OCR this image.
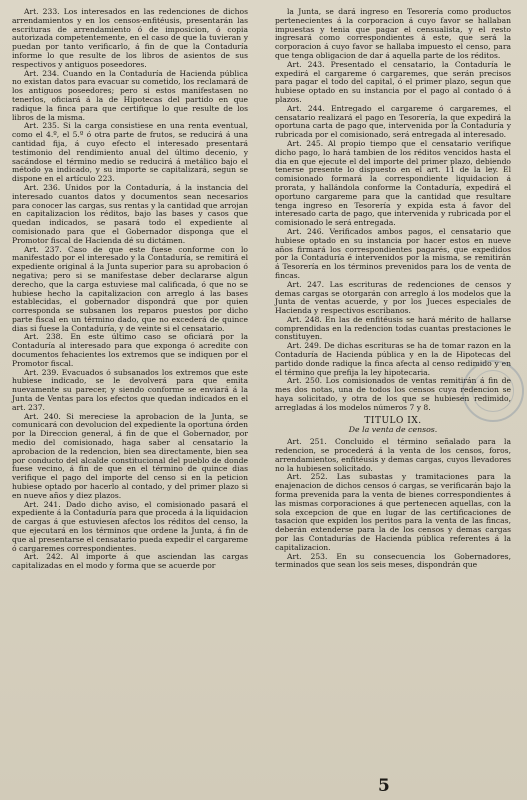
Art. 233. Los interesados en las redenciones de dichos arrendamientos y en los censos-enfitéusis, presentarán las escrituras de arrendamiento ó de imposicion, ó copia autorizada competentemente, en el caso de que la tuvieran y puedan por tanto verificarlo, á fin de que la Contaduría informe lo que resulte de los libros de asientos de sus respectivos y antiguos poseedores.

Art. 234. Cuando en la Contaduría de Hacienda pública no existan datos para evacuar su cometido, los reclamará de los antiguos poseedores; pero si estos manifestasen no tenerlos, oficiará á la de Hipotecas del partido en que radique la finca para que certifique lo que resulte de los libros de la misma.

Art. 235. Si la carga consistiese en una renta eventual, como el 4.º, el 5.º ó otra parte de frutos, se reducirá á una cantidad fija, á cuyo efecto el interesado presentará testimonio del rendimiento anual del último decenio, y sacándose el término medio se reducirá á metálico bajo el método ya indicado, y su importe se capitalizará, segun se dispone en el artículo 223.

Art. 236. Unidos por la Contaduría, á la instancia del interesado cuantos datos y documentos sean necesarios para conocer las cargas, sus rentas y la cantidad que arrojan en capitalizacion los réditos, bajo las bases y casos que quedan indicados, se pasará todo el expediente al comisionado para que el Gobernador disponga que el Promotor fiscal de Hacienda dé su dictámen.

Art. 237. Caso de que este fuese conforme con lo manifestado por el interesado y la Contaduría, se remitirá el expediente original á la Junta superior para su aprobacion ó negativa; pero si se manifestase deber declararse algun derecho, que la carga estuviese mal calificada, ó que no se hubiese hecho la capitalizacion con arreglo á las bases establecidas, el gobernador dispondrá que por quien corresponda se subsanen los reparos puestos por dicho parte fiscal en un término dado, que no excederá de quince dias si fuese la Contaduría, y de veinte si el censatario.

Art. 238. En este último caso se oficiará por la Contaduría al interesado para que exponga ó acredite con documentos fehacientes los extremos que se indiquen por el Promotor fiscal.

Art. 239. Evacuados ó subsanados los extremos que este hubiese indicado, se le devolverá para que emita nuevamente su parecer, y siendo conforme se enviará á la Junta de Ventas para los efectos que quedan indicados en el art. 237.

Art. 240. Si mereciese la aprobacion de la Junta, se comunicará con devolucion del expediente la oportuna órden por la Direccion general, á fin de que el Gobernador, por medio del comisionado, haga saber al censatario la aprobacion de la redencion, bien sea directamente, bien sea por conducto del alcalde constitucional del pueblo de donde fuese vecino, á fin de que en el término de quince dias verifique el pago del importe del censo si en la peticion hubiese optado por hacerlo al contado, y del primer plazo si en nueve años y diez plazos.

Art. 241. Dado dicho aviso, el comisionado pasará el expediente á la Contaduría para que proceda á la liquidacion de cargas á que estuviesen afectos los réditos del censo, la que ejecutará en los términos que ordene la Junta, á fin de que al presentarse el censatario pueda expedir el cargareme ó cargaremes correspondientes.

Art. 242. Al importe á que asciendan las cargas capitalizadas en el modo y forma que se acuerde por

la Junta, se dará ingreso en Tesorería como productos pertenecientes á la corporacion á cuyo favor se hallaban impuestas y tenia que pagar el censualista, y el resto ingresará como correspondientes á este, que será la corporacion á cuyo favor se hallaba impuesto el censo, para que tenga obligacion de dar á aquella parte de los réditos.

Art. 243. Presentado el censatario, la Contaduría le expedirá el cargareme ó cargaremes, que serán precisos para pagar el todo del capital, ó el primer plazo, segun que hubiese optado en su instancia por el pago al contado ó á plazos.

Art. 244. Entregado el cargareme ó cargaremes, el censatario realizará el pago en Tesorería, la que expedirá la oportuna carta de pago que, intervenida por la Contaduría y rubricada por el comisionado, será entregada al interesado.

Art. 245. Al propio tiempo que el censatario verifique dicho pago, lo hará tambien de los réditos vencidos hasta el dia en que ejecute el del importe del primer plazo, debiendo tenerse presente lo dispuesto en el art. 11 de la ley. El comisionado formará la correspondiente liquidacion á prorata, y hallándola conforme la Contaduría, expedirá el oportuno cargareme para que la cantidad que resultare tenga ingreso en Tesorería y expida esta á favor del interesado carta de pago, que intervenida y rubricada por el comisionado le será entregada.

Art. 246. Verificados ambos pagos, el censatario que hubiese optado en su instancia por hacer estos en nueve años firmará los correspondientes pagarés, que expedidos por la Contaduría é intervenidos por la misma, se remitirán á Tesorería en los términos prevenidos para los de venta de fincas.

Art. 247. Las escrituras de redenciones de censos y demas cargas se otorgarán con arreglo á los modelos que la Junta de ventas acuerde, y por los Jueces especiales de Hacienda y respectivos escribanos.

Art. 248. En las de enfitéusis se hará mérito de hallarse comprendidas en la redencion todas cuantas prestaciones le constituyen.

Art. 249. De dichas escrituras se ha de tomar razon en la Contaduría de Hacienda pública y en la de Hipotecas del partido donde radique la finca afecta al censo redimido y en el término que prefija la ley hipotecaria.

Art. 250. Los comisionados de ventas remitirán á fin de mes dos notas, una de todos los censos cuya redencion se haya solicitado, y otra de los que se hubiesen redimido, arregladas á los modelos números 7 y 8.

TITULO IX.

De la venta de censos.

Art. 251. Concluido el término señalado para la redencion, se procederá á la venta de los censos, foros, arrendamientos, enfitéusis y demas cargas, cuyos llevadores no la hubiesen solicitado.

Art. 252. Las subastas y tramitaciones para la enajenacion de dichos censos ó cargas, se verificarán bajo la forma prevenida para la venta de bienes correspondientes á las mismas corporaciones á que pertenecen aquellas, con la sola excepcion de que en lugar de las certificaciones de tasacion que expiden los peritos para la venta de las fincas, deberán extenderse para la de los censos y demas cargas por las Contadurías de Hacienda pública referentes á la capitalizacion.

Art. 253. En su consecuencia los Gobernadores, terminados que sean los seis meses, dispondrán que

5
